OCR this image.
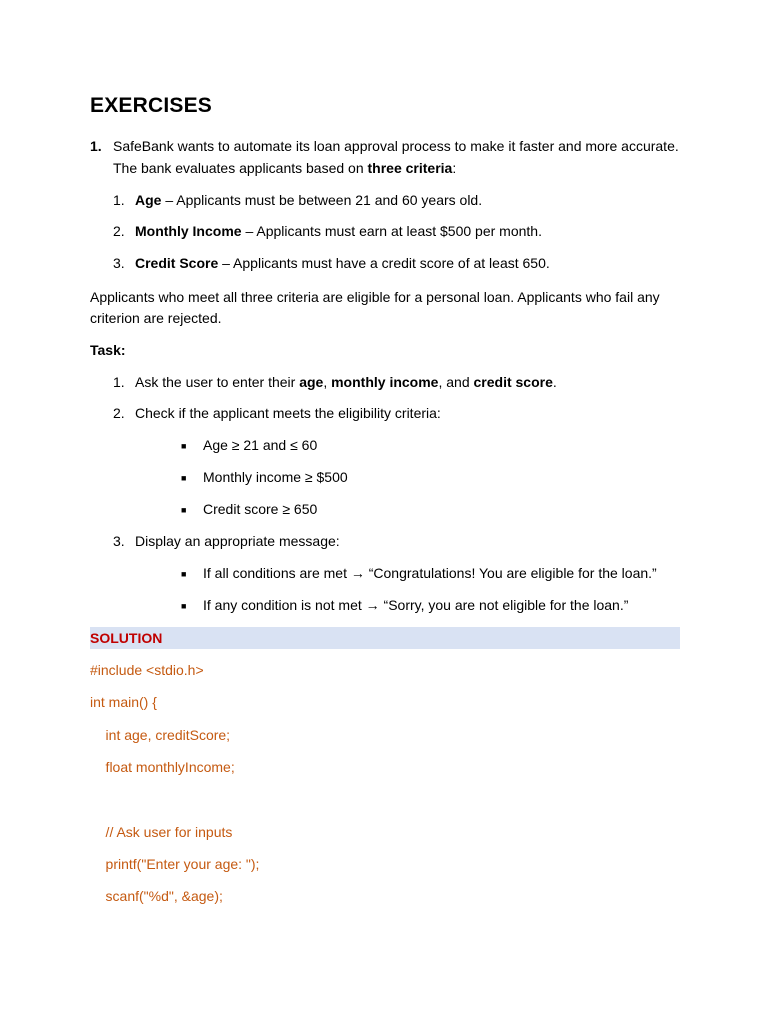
EXERCISES
1. SafeBank wants to automate its loan approval process to make it faster and more accurate.
The bank evaluates applicants based on three criteria:
1. Age – Applicants must be between 21 and 60 years old.
2. Monthly Income – Applicants must earn at least $500 per month.
3. Credit Score – Applicants must have a credit score of at least 650.
Applicants who meet all three criteria are eligible for a personal loan. Applicants who fail any criterion are rejected.
Task:
1. Ask the user to enter their age, monthly income, and credit score.
2. Check if the applicant meets the eligibility criteria:
■	Age ≥ 21 and ≤ 60
■	Monthly income ≥ $500
■	Credit score ≥ 650
3. Display an appropriate message:
■	If all conditions are met → “Congratulations! You are eligible for the loan.”
■	If any condition is not met → “Sorry, you are not eligible for the loan.”
SOLUTION
#include <stdio.h>
int main() {
int age, creditScore;
float monthlyIncome;
// Ask user for inputs
printf("Enter your age: ");
scanf("%d", &age);
